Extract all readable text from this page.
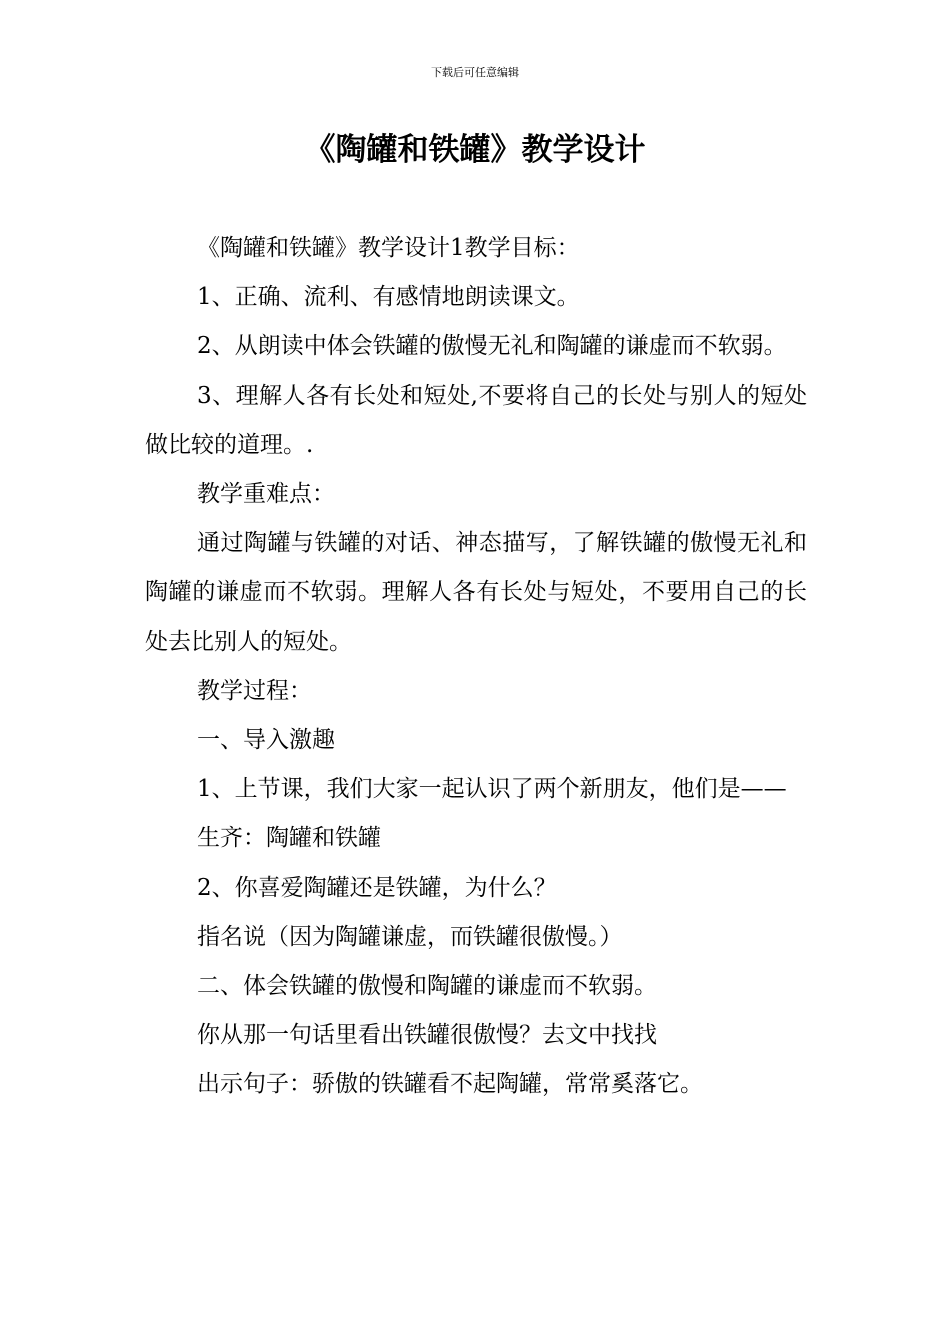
下载后可任意编辑
《陶罐和铁罐》教学设计

《陶罐和铁罐》教学设计1教学目标：

1、正确、流利、有感情地朗读课文。

2、从朗读中体会铁罐的傲慢无礼和陶罐的谦虚而不软弱。

3、理解人各有长处和短处,不要将自己的长处与别人的短处做比较的道理。.

教学重难点：

通过陶罐与铁罐的对话、神态描写，了解铁罐的傲慢无礼和陶罐的谦虚而不软弱。理解人各有长处与短处，不要用自己的长处去比别人的短处。

教学过程：

一、导入激趣

1、上节课，我们大家一起认识了两个新朋友，他们是——

生齐：陶罐和铁罐

2、你喜爱陶罐还是铁罐，为什么？

指名说（因为陶罐谦虚，而铁罐很傲慢。）

二、体会铁罐的傲慢和陶罐的谦虚而不软弱。

你从那一句话里看出铁罐很傲慢？去文中找找

出示句子：骄傲的铁罐看不起陶罐，常常奚落它。
